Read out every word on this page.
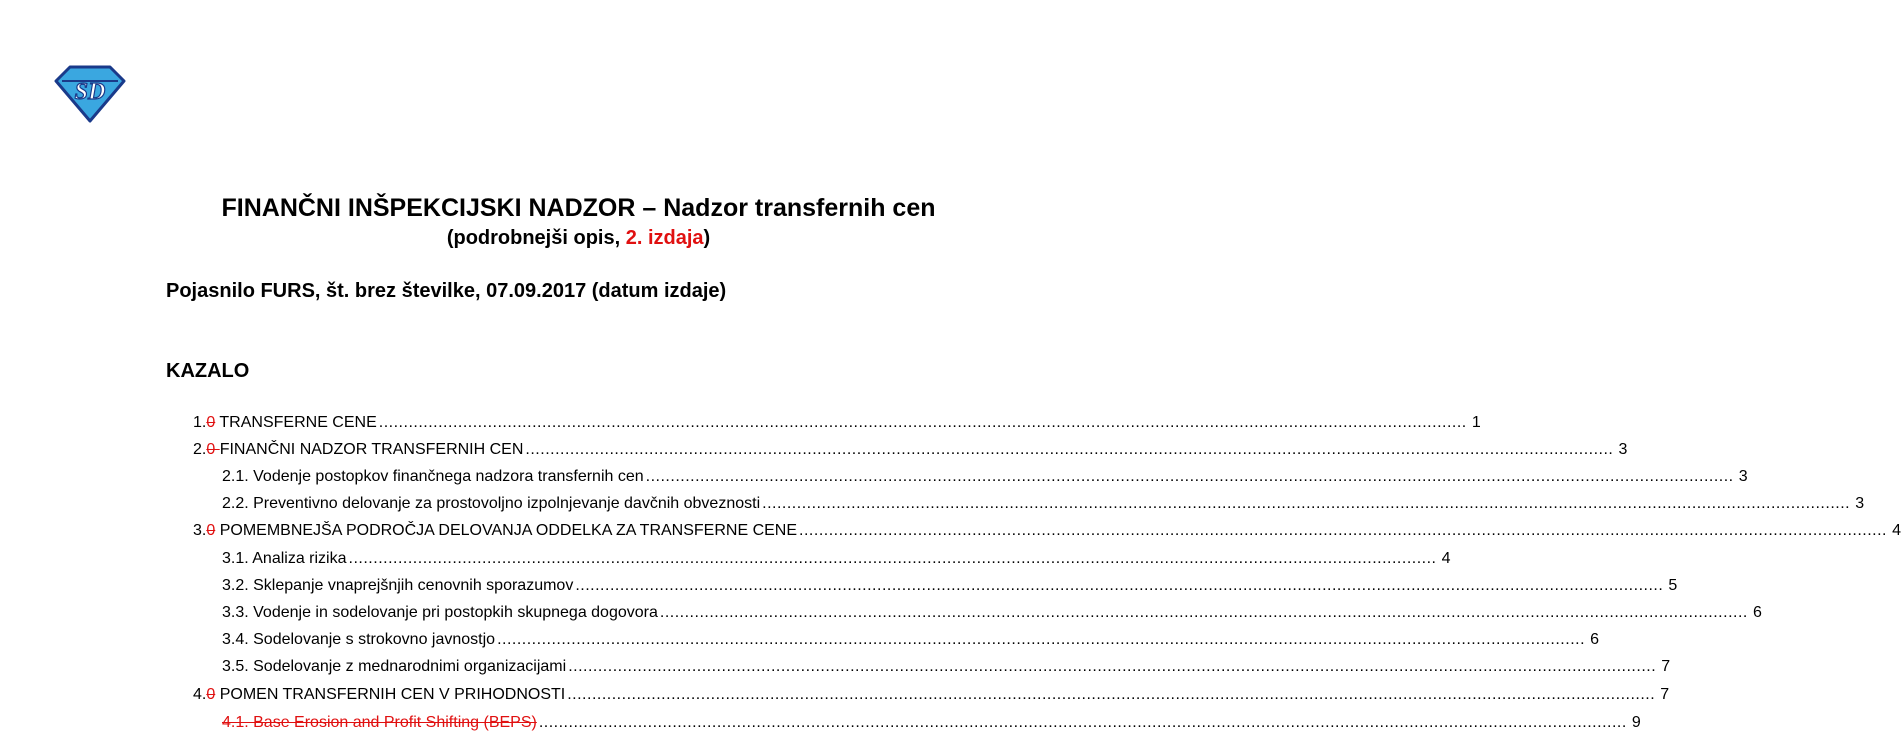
SD
FINANČNI INŠPEKCIJSKI NADZOR – Nadzor transfernih cen
(podrobnejši opis, 2. izdaja)
Pojasnilo FURS, št. brez številke, 07.09.2017 (datum izdaje)
KAZALO
1.0 TRANSFERNE CENE ............................................................................................................................................................................................................................ 1
2.0 FINANČNI NADZOR TRANSFERNIH CEN ............................................................................................................................................................................................................................ 3
2.1. Vodenje postopkov finančnega nadzora transfernih cen ............................................................................................................................................................................................................................ 3
2.2. Preventivno delovanje za prostovoljno izpolnjevanje davčnih obveznosti ............................................................................................................................................................................................................................ 3
3.0 POMEMBNEJŠA PODROČJA DELOVANJA ODDELKA ZA TRANSFERNE CENE ............................................................................................................................................................................................................................ 4
3.1. Analiza rizika ............................................................................................................................................................................................................................ 4
3.2. Sklepanje vnaprejšnjih cenovnih sporazumov ............................................................................................................................................................................................................................ 5
3.3. Vodenje in sodelovanje pri postopkih skupnega dogovora ............................................................................................................................................................................................................................ 6
3.4. Sodelovanje s strokovno javnostjo ............................................................................................................................................................................................................................ 6
3.5. Sodelovanje z mednarodnimi organizacijami ............................................................................................................................................................................................................................ 7
4.0 POMEN TRANSFERNIH CEN V PRIHODNOSTI ............................................................................................................................................................................................................................ 7
4.1. Base Erosion and Profit Shifting (BEPS) ............................................................................................................................................................................................................................ 9
